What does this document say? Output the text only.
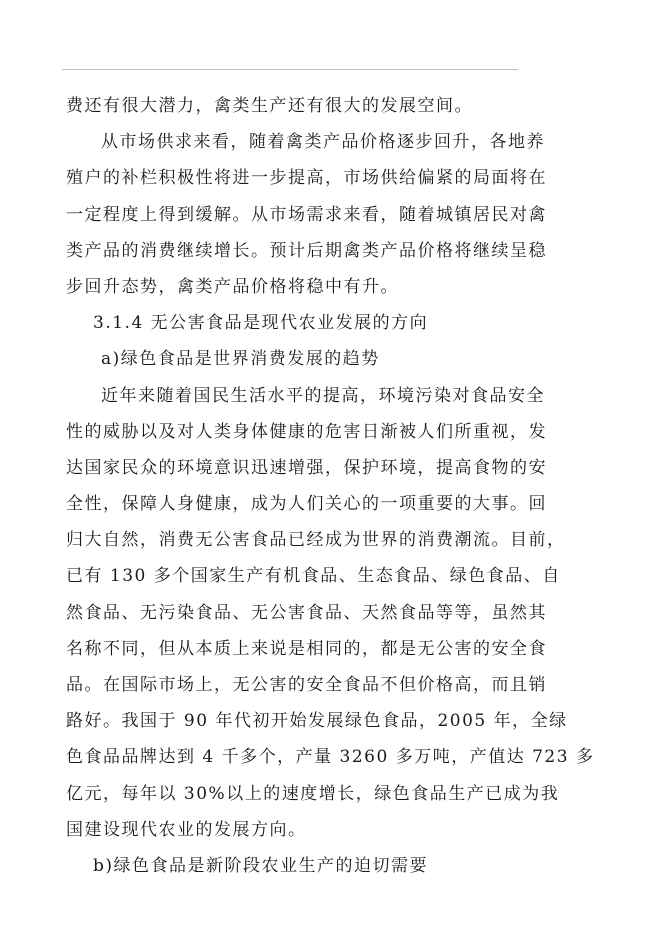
费还有很大潜力，禽类生产还有很大的发展空间。
从市场供求来看，随着禽类产品价格逐步回升，各地养
殖户的补栏积极性将进一步提高，市场供给偏紧的局面将在
一定程度上得到缓解。从市场需求来看，随着城镇居民对禽
类产品的消费继续增长。预计后期禽类产品价格将继续呈稳
步回升态势，禽类产品价格将稳中有升。
3.1.4 无公害食品是现代农业发展的方向
a)绿色食品是世界消费发展的趋势
近年来随着国民生活水平的提高，环境污染对食品安全
性的威胁以及对人类身体健康的危害日渐被人们所重视，发
达国家民众的环境意识迅速增强，保护环境，提高食物的安
全性，保障人身健康，成为人们关心的一项重要的大事。回
归大自然，消费无公害食品已经成为世界的消费潮流。目前，
已有 130 多个国家生产有机食品、生态食品、绿色食品、自
然食品、无污染食品、无公害食品、天然食品等等，虽然其
名称不同，但从本质上来说是相同的，都是无公害的安全食
品。在国际市场上，无公害的安全食品不但价格高，而且销
路好。我国于 90 年代初开始发展绿色食品，2005 年，全绿
色食品品牌达到 4 千多个，产量 3260 多万吨，产值达 723 多
亿元，每年以 30%以上的速度增长，绿色食品生产已成为我
国建设现代农业的发展方向。
b)绿色食品是新阶段农业生产的迫切需要
